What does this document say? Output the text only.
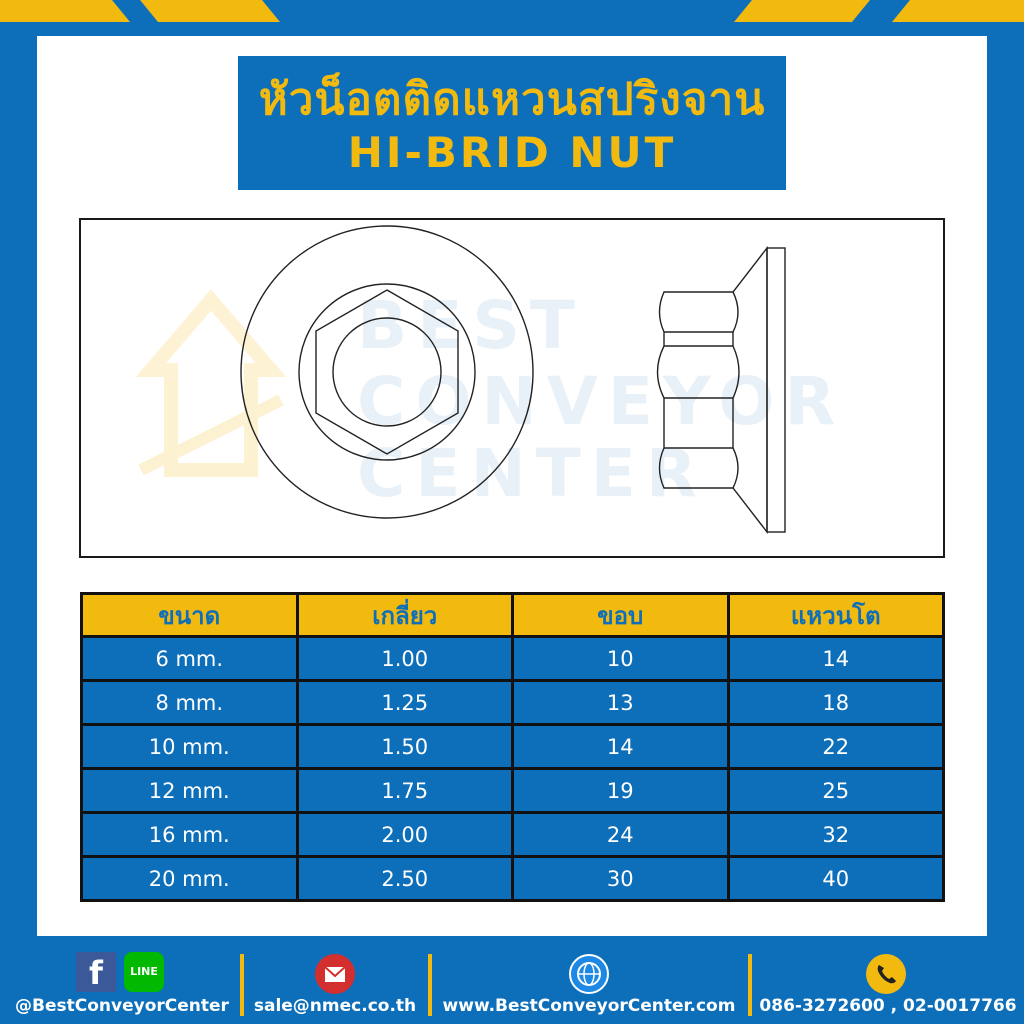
หัวน็อตติดแหวนสปริงจาน
HI-BRID NUT
BEST
CONVEYOR
CENTER
ขนาด	เกลี่ยว	ขอบ	แหวนโต
6 mm.	1.00	10	14
8 mm.	1.25	13	18
10 mm.	1.50	14	22
12 mm.	1.75	19	25
16 mm.	2.00	24	32
20 mm.	2.50	30	40
f	LINE
@BestConveyorCenter	sale@nmec.co.th	www.BestConveyorCenter.com	086-3272600 , 02-0017766
